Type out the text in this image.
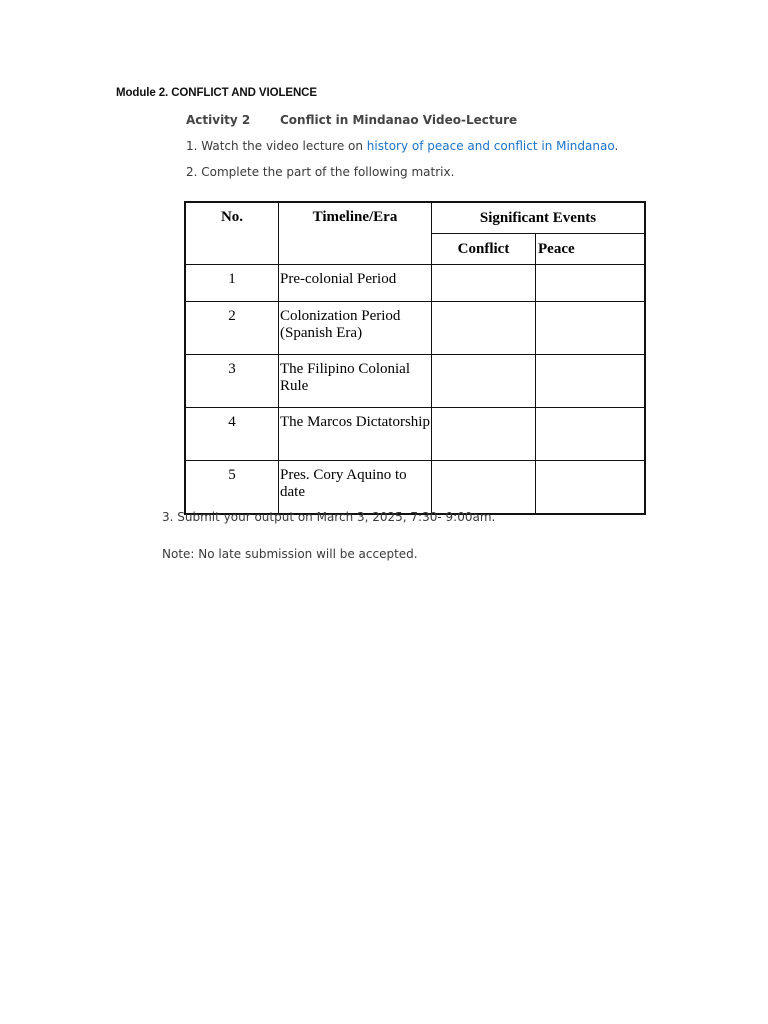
Module 2. CONFLICT AND VIOLENCE
Activity 2 Conflict in Mindanao Video-Lecture
1. Watch the video lecture on history of peace and conflict in Mindanao.
2. Complete the part of the following matrix.
No.	Timeline/Era	Significant Events	
		Conflict	Peace
1	Pre-colonial Period		
2	Colonization Period (Spanish Era)		
3	The Filipino Colonial Rule		
4	The Marcos Dictatorship		
5	Pres. Cory Aquino to date		
3. Submit your output on March 3, 2025, 7:30- 9:00am.
Note: No late submission will be accepted.
